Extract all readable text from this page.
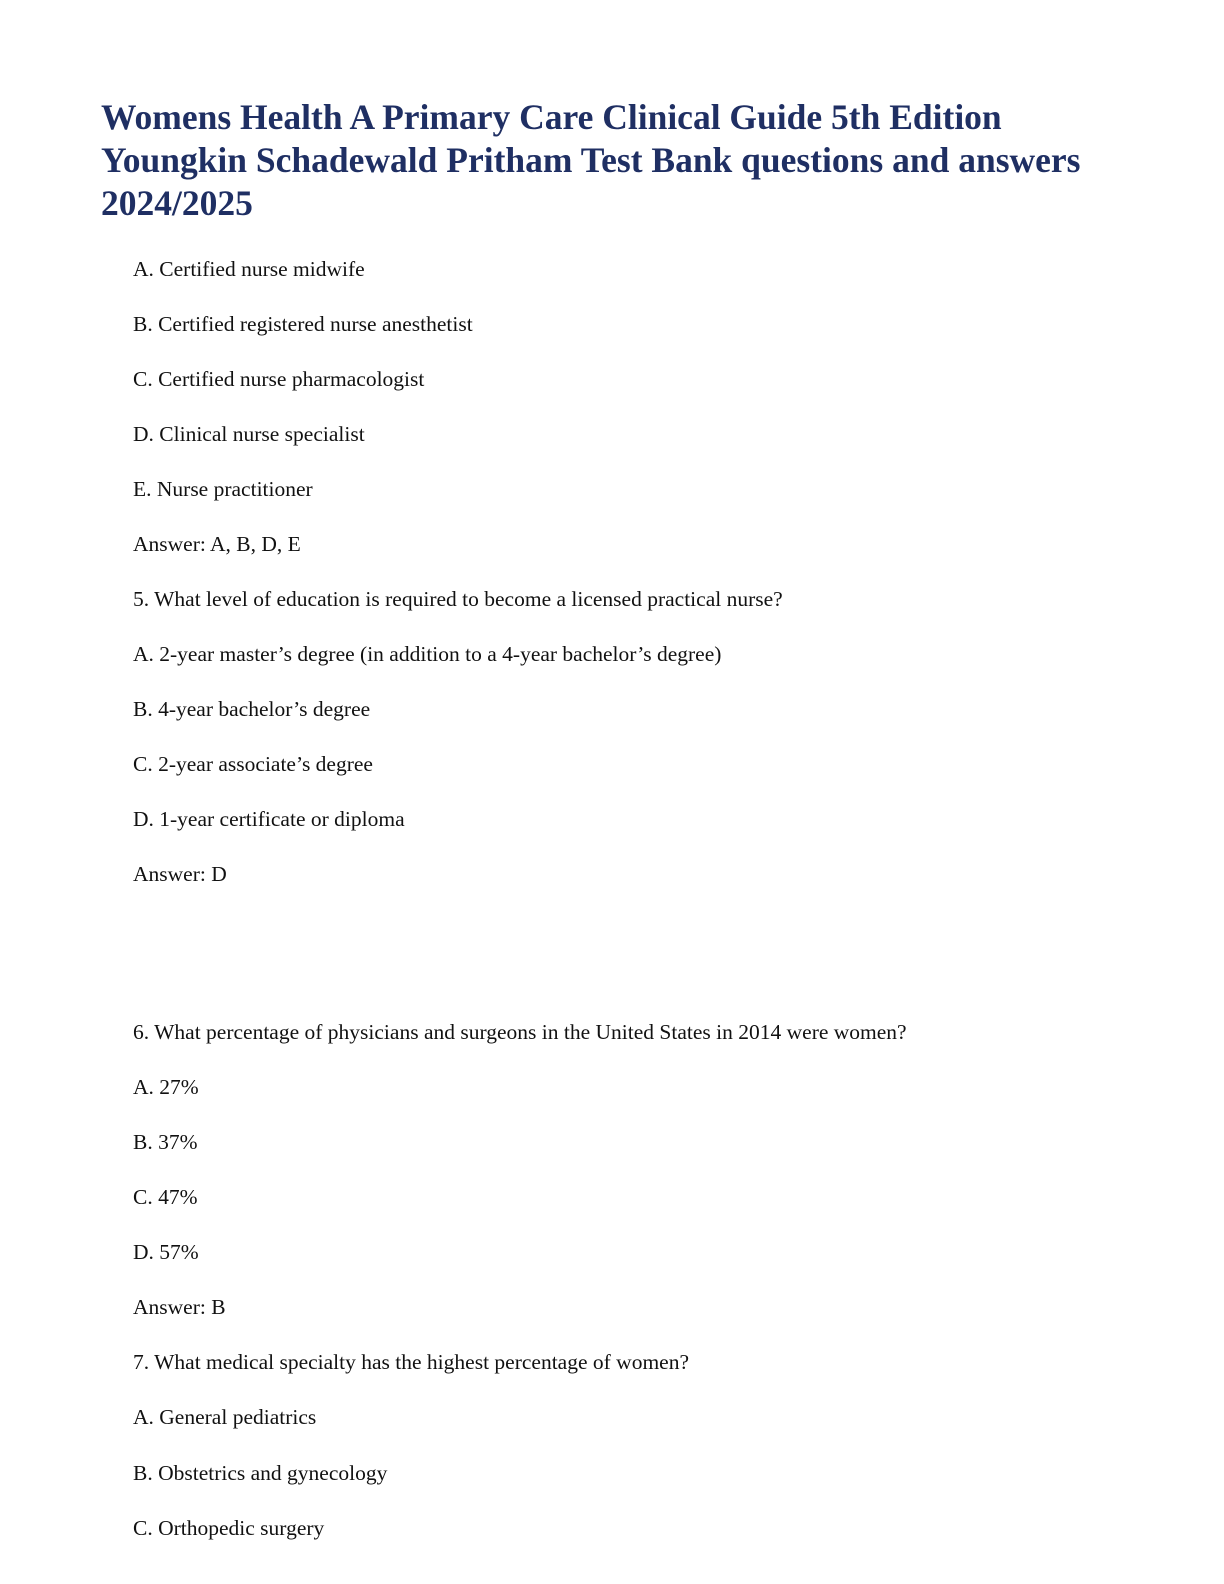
Womens Health A Primary Care Clinical Guide 5th Edition Youngkin Schadewald Pritham Test Bank questions and answers 2024/2025

A. Certified nurse midwife

B. Certified registered nurse anesthetist

C. Certified nurse pharmacologist

D. Clinical nurse specialist

E. Nurse practitioner

Answer: A, B, D, E

5. What level of education is required to become a licensed practical nurse?

A. 2-year master’s degree (in addition to a 4-year bachelor’s degree)

B. 4-year bachelor’s degree

C. 2-year associate’s degree

D. 1-year certificate or diploma

Answer: D

6. What percentage of physicians and surgeons in the United States in 2014 were women?

A. 27%

B. 37%

C. 47%

D. 57%

Answer: B

7. What medical specialty has the highest percentage of women?

A. General pediatrics

B. Obstetrics and gynecology

C. Orthopedic surgery
